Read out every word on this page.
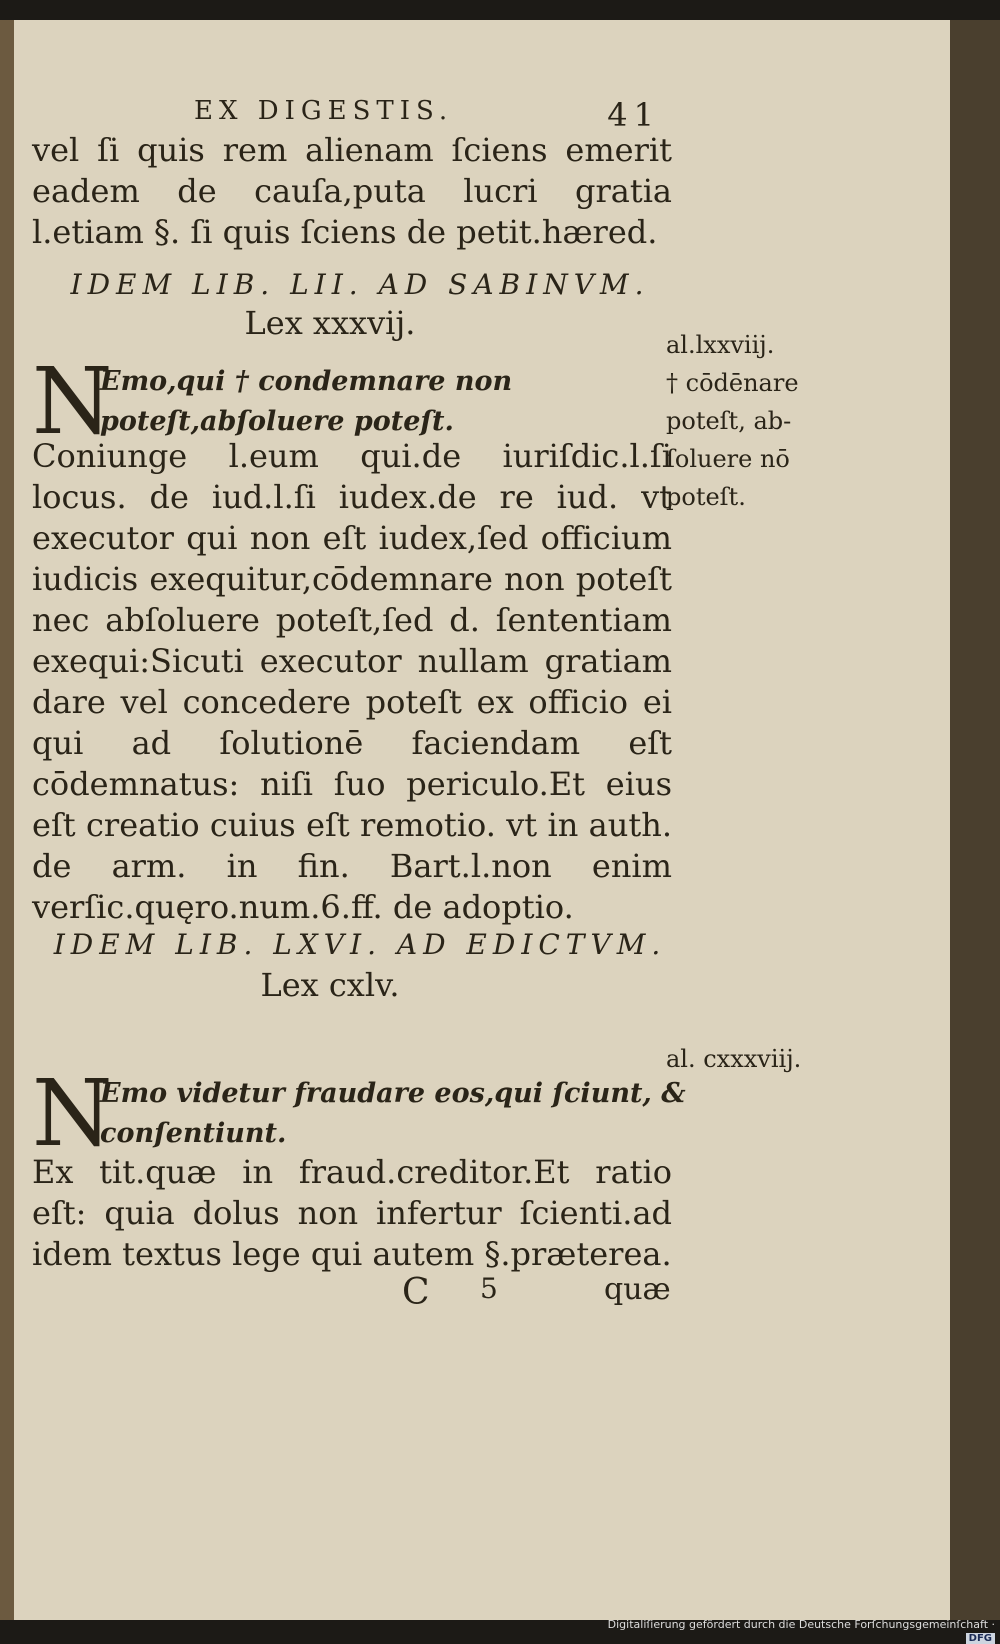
EX DIGESTIS.	41
vel ſi quis rem alienam ſciens emerit eadem de cauſa,puta lucri gratia l.etiam §. ſi quis ſciens de petit.hæred.
IDEM LIB. LII. AD SABINVM.
Lex xxxvij.
al.lxxviij.
† cōdēnare
poteſt, ab-
ſoluere nō
poteſt.
N
Emo,qui † condemnare non poteſt,abſoluere poteſt.
Coniunge l.eum qui.de iuriſdic.l.ſi locus. de iud.l.ſi iudex.de re iud. vt executor qui non eſt iudex,ſed officium iudicis exequitur,cōdemnare non poteſt nec abſoluere poteſt,ſed d. ſententiam exequi:Sicuti executor nullam gratiam dare vel concedere poteſt ex officio ei qui ad ſolutionē faciendam eſt cōdemnatus: niſi ſuo periculo.Et eius eſt creatio cuius eſt remotio. vt in auth. de arm. in fin. Bart.l.non enim verſic.quęro.num.6.ff. de adoptio.
IDEM LIB. LXVI. AD EDICTVM.
Lex cxlv.
al. cxxxviij.
N
Emo videtur fraudare eos,qui ſciunt, & conſentiunt.
Ex tit.quæ in fraud.creditor.Et ratio eſt: quia dolus non infertur ſcienti.ad idem textus lege qui autem §.præterea.
C 5	quæ
Digitaliſierung gefördert durch die Deutsche Forſchungsgemeinſchaft ·DFG
